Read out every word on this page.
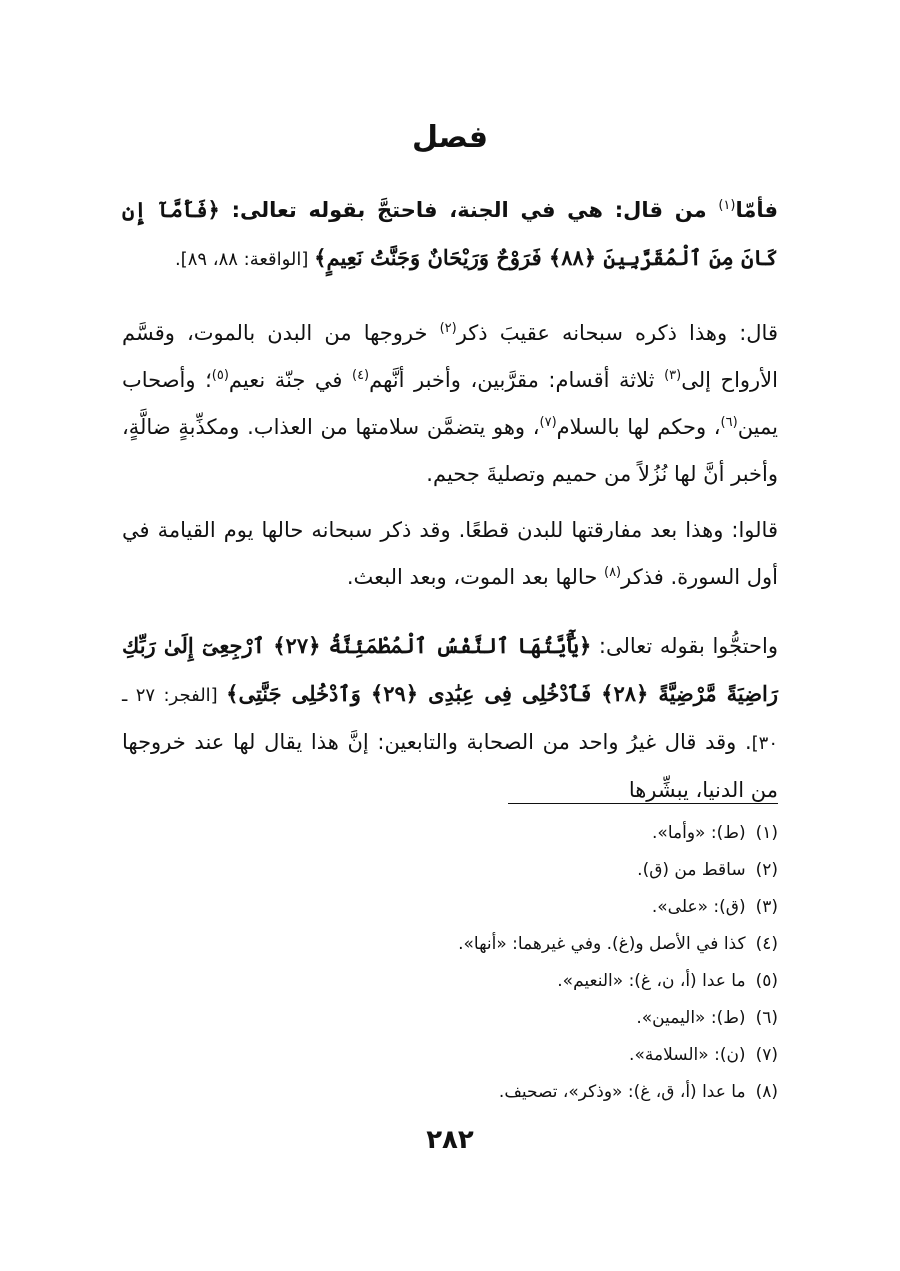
فصل

فأمّا$^{(١)}$ من قال: هي في الجنة، فاحتجَّ بقوله تعالى: ﴿فَأَمَّآ إِن كَانَ مِنَ ٱلْمُقَرَّبِينَ ﴿٨٨﴾ فَرَوْحٌ وَرَيْحَانٌ وَجَنَّتُ نَعِيمٍ﴾ [الواقعة: ٨٨، ٨٩].

قال: وهذا ذكره سبحانه عقيبَ ذكر$^{(٢)}$ خروجها من البدن بالموت، وقسَّم الأرواح إلى$^{(٣)}$ ثلاثة أقسام: مقرَّبين، وأخبر أنَّهم$^{(٤)}$ في جنّة نعيم$^{(٥)}$؛ وأصحاب يمين$^{(٦)}$، وحكم لها بالسلام$^{(٧)}$، وهو يتضمَّن سلامتها من العذاب. ومكذِّبةٍ ضالَّةٍ، وأخبر أنَّ لها نُزُلاً من حميم وتصليةَ جحيم.

قالوا: وهذا بعد مفارقتها للبدن قطعًا. وقد ذكر سبحانه حالها يوم القيامة في أول السورة. فذكر$^{(٨)}$ حالها بعد الموت، وبعد البعث.

واحتجُّوا بقوله تعالى: ﴿يَٰٓأَيَّتُهَا ٱلنَّفْسُ ٱلْمُطْمَئِنَّةُ ﴿٢٧﴾ ٱرْجِعِىٓ إِلَىٰ رَبِّكِ رَاضِيَةً مَّرْضِيَّةً ﴿٢٨﴾ فَٱدْخُلِى فِى عِبَٰدِى ﴿٢٩﴾ وَٱدْخُلِى جَنَّتِى﴾ [الفجر: ٢٧ ـ ٣٠]. وقد قال غيرُ واحد من الصحابة والتابعين: إنَّ هذا يقال لها عند خروجها من الدنيا، يبشِّرها

(١)(ط): «وأما».
(٢)ساقط من (ق).
(٣)(ق): «على».
(٤)كذا في الأصل و(غ). وفي غيرهما: «أنها».
(٥)ما عدا (أ، ن، غ): «النعيم».
(٦)(ط): «اليمين».
(٧)(ن): «السلامة».
(٨)ما عدا (أ، ق، غ): «وذكر»، تصحيف.
٢٨٢
